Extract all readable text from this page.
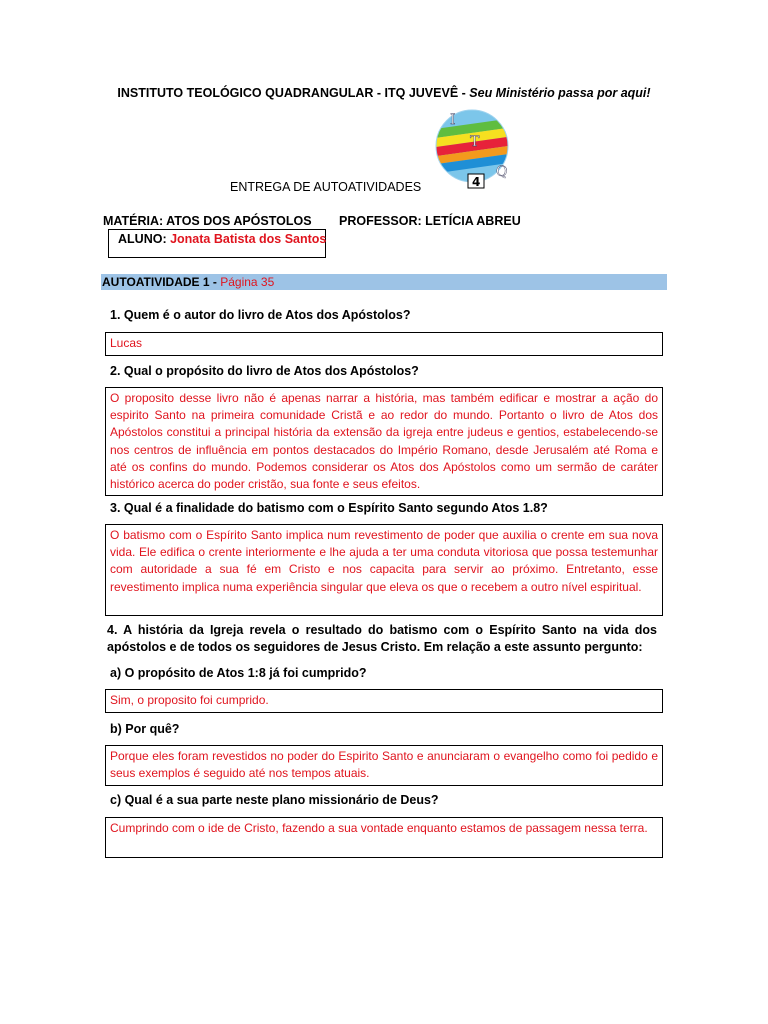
INSTITUTO TEOLÓGICO QUADRANGULAR - ITQ JUVEVÊ - Seu Ministério passa por aqui!
I
T
Q
4
ENTREGA DE AUTOATIVIDADES
MATÉRIA: ATOS DOS APÓSTOLOS PROFESSOR: LETÍCIA ABREU
ALUNO: Jonata Batista dos Santos
AUTOATIVIDADE 1 - Página 35
1. Quem é o autor do livro de Atos dos Apóstolos?
Lucas
2. Qual o propósito do livro de Atos dos Apóstolos?
O proposito desse livro não é apenas narrar a história, mas também edificar e mostrar a ação do espirito Santo na primeira comunidade Cristã e ao redor do mundo. Portanto o livro de Atos dos Apóstolos constitui a principal história da extensão da igreja entre judeus e gentios, estabelecendo-se nos centros de influência em pontos destacados do Império Romano, desde Jerusalém até Roma e até os confins do mundo. Podemos considerar os Atos dos Apóstolos como um sermão de caráter histórico acerca do poder cristão, sua fonte e seus efeitos.
3. Qual é a finalidade do batismo com o Espírito Santo segundo Atos 1.8?
O batismo com o Espírito Santo implica num revestimento de poder que auxilia o crente em sua nova vida. Ele edifica o crente interiormente e lhe ajuda a ter uma conduta vitoriosa que possa testemunhar com autoridade a sua fé em Cristo e nos capacita para servir ao próximo. Entretanto, esse revestimento implica numa experiência singular que eleva os que o recebem a outro nível espiritual.
4. A história da Igreja revela o resultado do batismo com o Espírito Santo na vida dos apóstolos e de todos os seguidores de Jesus Cristo. Em relação a este assunto pergunto:
a) O propósito de Atos 1:8 já foi cumprido?
Sim, o proposito foi cumprido.
b) Por quê?
Porque eles foram revestidos no poder do Espirito Santo e anunciaram o evangelho como foi pedido e seus exemplos é seguido até nos tempos atuais.
c) Qual é a sua parte neste plano missionário de Deus?
Cumprindo com o ide de Cristo, fazendo a sua vontade enquanto estamos de passagem nessa terra.
